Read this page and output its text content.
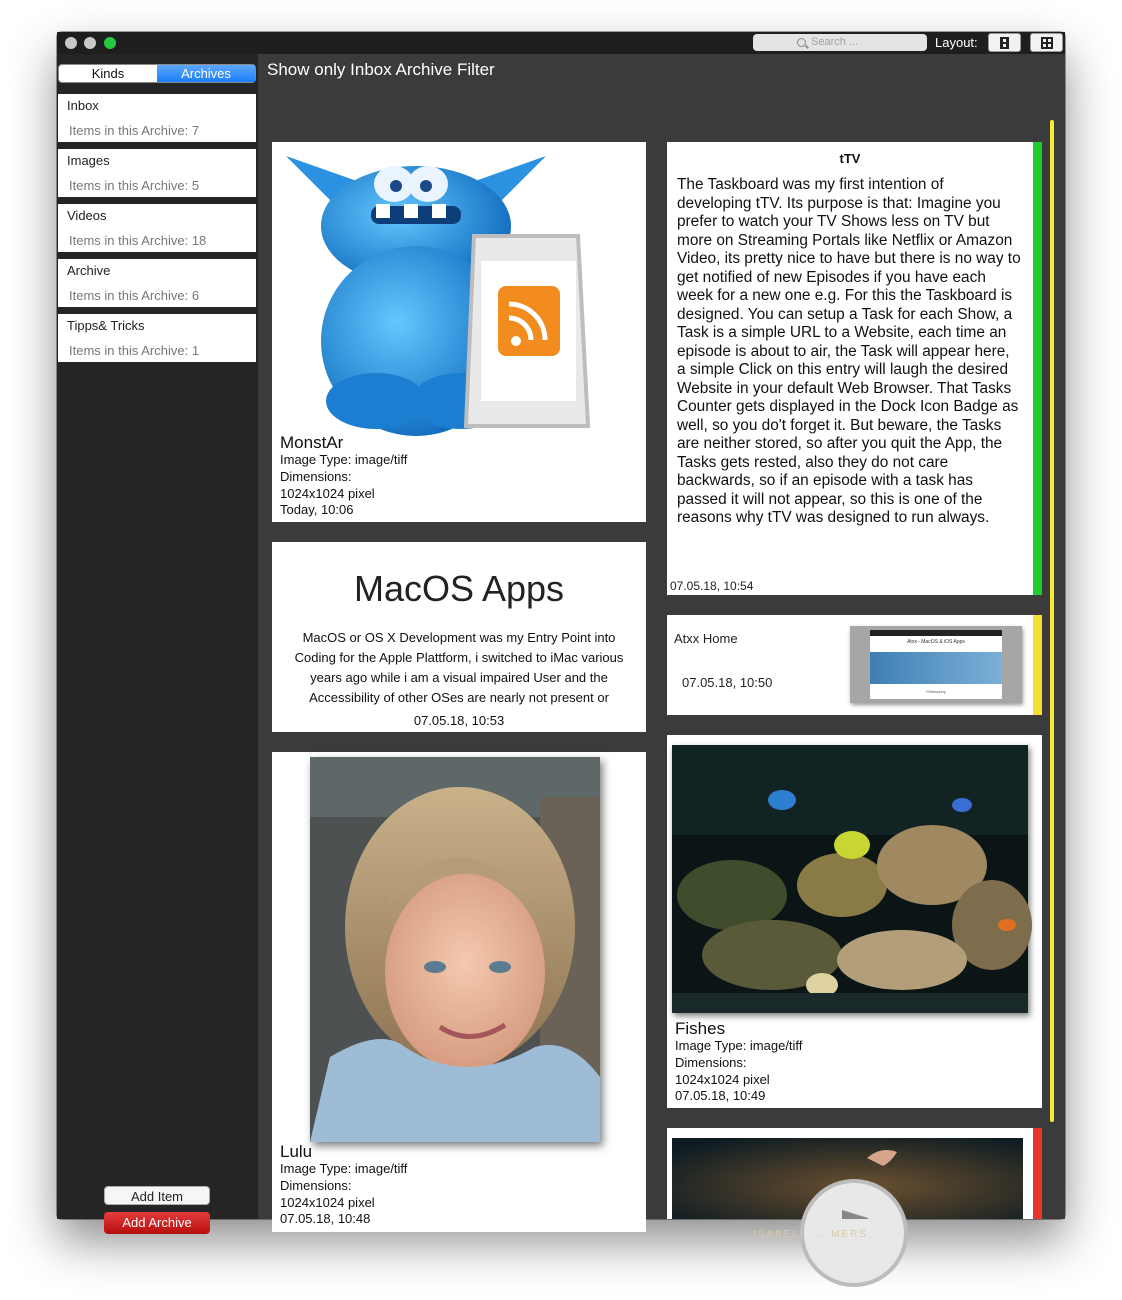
Search ...	Layout:
Kinds	Archives
Inbox
Items in this Archive: 7
Images
Items in this Archive: 5
Videos
Items in this Archive: 18
Archive
Items in this Archive: 6
Tipps& Tricks
Items in this Archive: 1
Add Item
Add Archive
Show only Inbox Archive Filter
MonstAr
Image Type: image/tiff
Dimensions:
1024x1024 pixel
Today, 10:06
MacOS Apps
MacOS or OS X Development was my Entry Point into Coding for the Apple Plattform, i switched to iMac various years ago while i am a visual impaired User and the Accessibility of other OSes are nearly not present or
07.05.18, 10:53
Lulu
Image Type: image/tiff
Dimensions:
1024x1024 pixel
07.05.18, 10:48
tTV
The Taskboard was my first intention of developing tTV. Its purpose is that: Imagine you prefer to watch your TV Shows less on TV but more on Streaming Portals like Netflix or Amazon Video, its pretty nice to have but there is no way to get notified of new Episodes if you have each week for a new one e.g. For this the Taskboard is designed. You can setup a Task for each Show, a Task is a simple URL to a Website, each time an episode is about to air, the Task will appear here, a simple Click on this entry will laugh the desired Website in your default Web Browser. That Tasks Counter gets displayed in the Dock Icon Badge as well, so you do't forget it. But beware, the Tasks are neither stored, so after you quit the App, the Tasks gets rested, also they do not care backwards, so if an episode with a task has passed it will not appear, so this is one of the reasons why tTV was designed to run always.
07.05.18, 10:54
Atxx Home
07.05.18, 10:50
Atxx - MacOS & iOS Apps
Philosophy
Fishes
Image Type: image/tiff
Dimensions:
1024x1024 pixel
07.05.18, 10:49
ISABELL ... MERS
